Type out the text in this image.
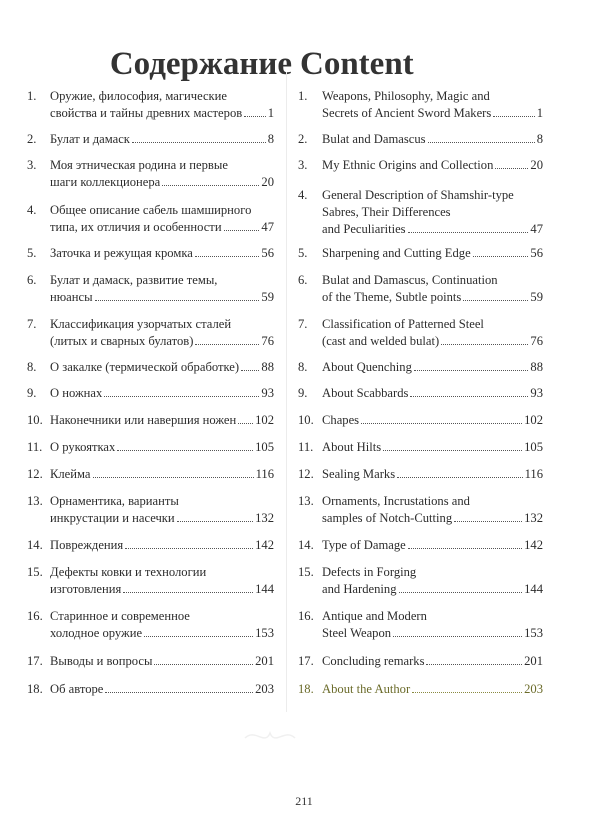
Содержание Content
1.	Оружие, философия, магические
свойства и тайны древних мастеров 1
2.	Булат и дамаск	8
3.	Моя этническая родина и первые
шаги коллекционера	20
4.	Общее описание сабель шамширного
типа, их отличия и особенности	47
5.	Заточка и режущая кромка	56
6.	Булат и дамаск, развитие темы,
нюансы	59
7.	Классификация узорчатых сталей
(литых и сварных булатов)	76
8.	О закалке (термической обработке) 88
9.	О ножнах	93
10. Наконечники или навершия ножен 102
11. О рукоятках	105
12. Клейма	116
13. Орнаментика, варианты
инкрустации и насечки	132
14. Повреждения	142
15. Дефекты ковки и технологии
изготовления	144
16. Старинное и современное
холодное оружие	153
17. Выводы и вопросы	201
18. Об авторе	203
1.	Weapons, Philosophy, Magic and
Secrets of Ancient Sword Makers	1
2.	Bulat and Damascus	8
3.	My Ethnic Origins and Collection	20
4.	General Description of Shamshir-type
Sabres, Their Differences
and Peculiarities	47
5.	Sharpening and Cutting Edge	56
6.	Bulat and Damascus, Continuation
of the Theme, Subtle points	59
7.	Classification of Patterned Steel
(cast and welded bulat)	76
8.	About Quenching	88
9.	About Scabbards	93
10. Chapes	102
11. About Hilts	105
12. Sealing Marks	116
13. Ornaments, Incrustations and
samples of Notch-Cutting	132
14. Type of Damage	142
15. Defects in Forging
and Hardening	144
16. Antique and Modern
Steel Weapon	153
17. Concluding remarks	201
18. About the Author	203
211
